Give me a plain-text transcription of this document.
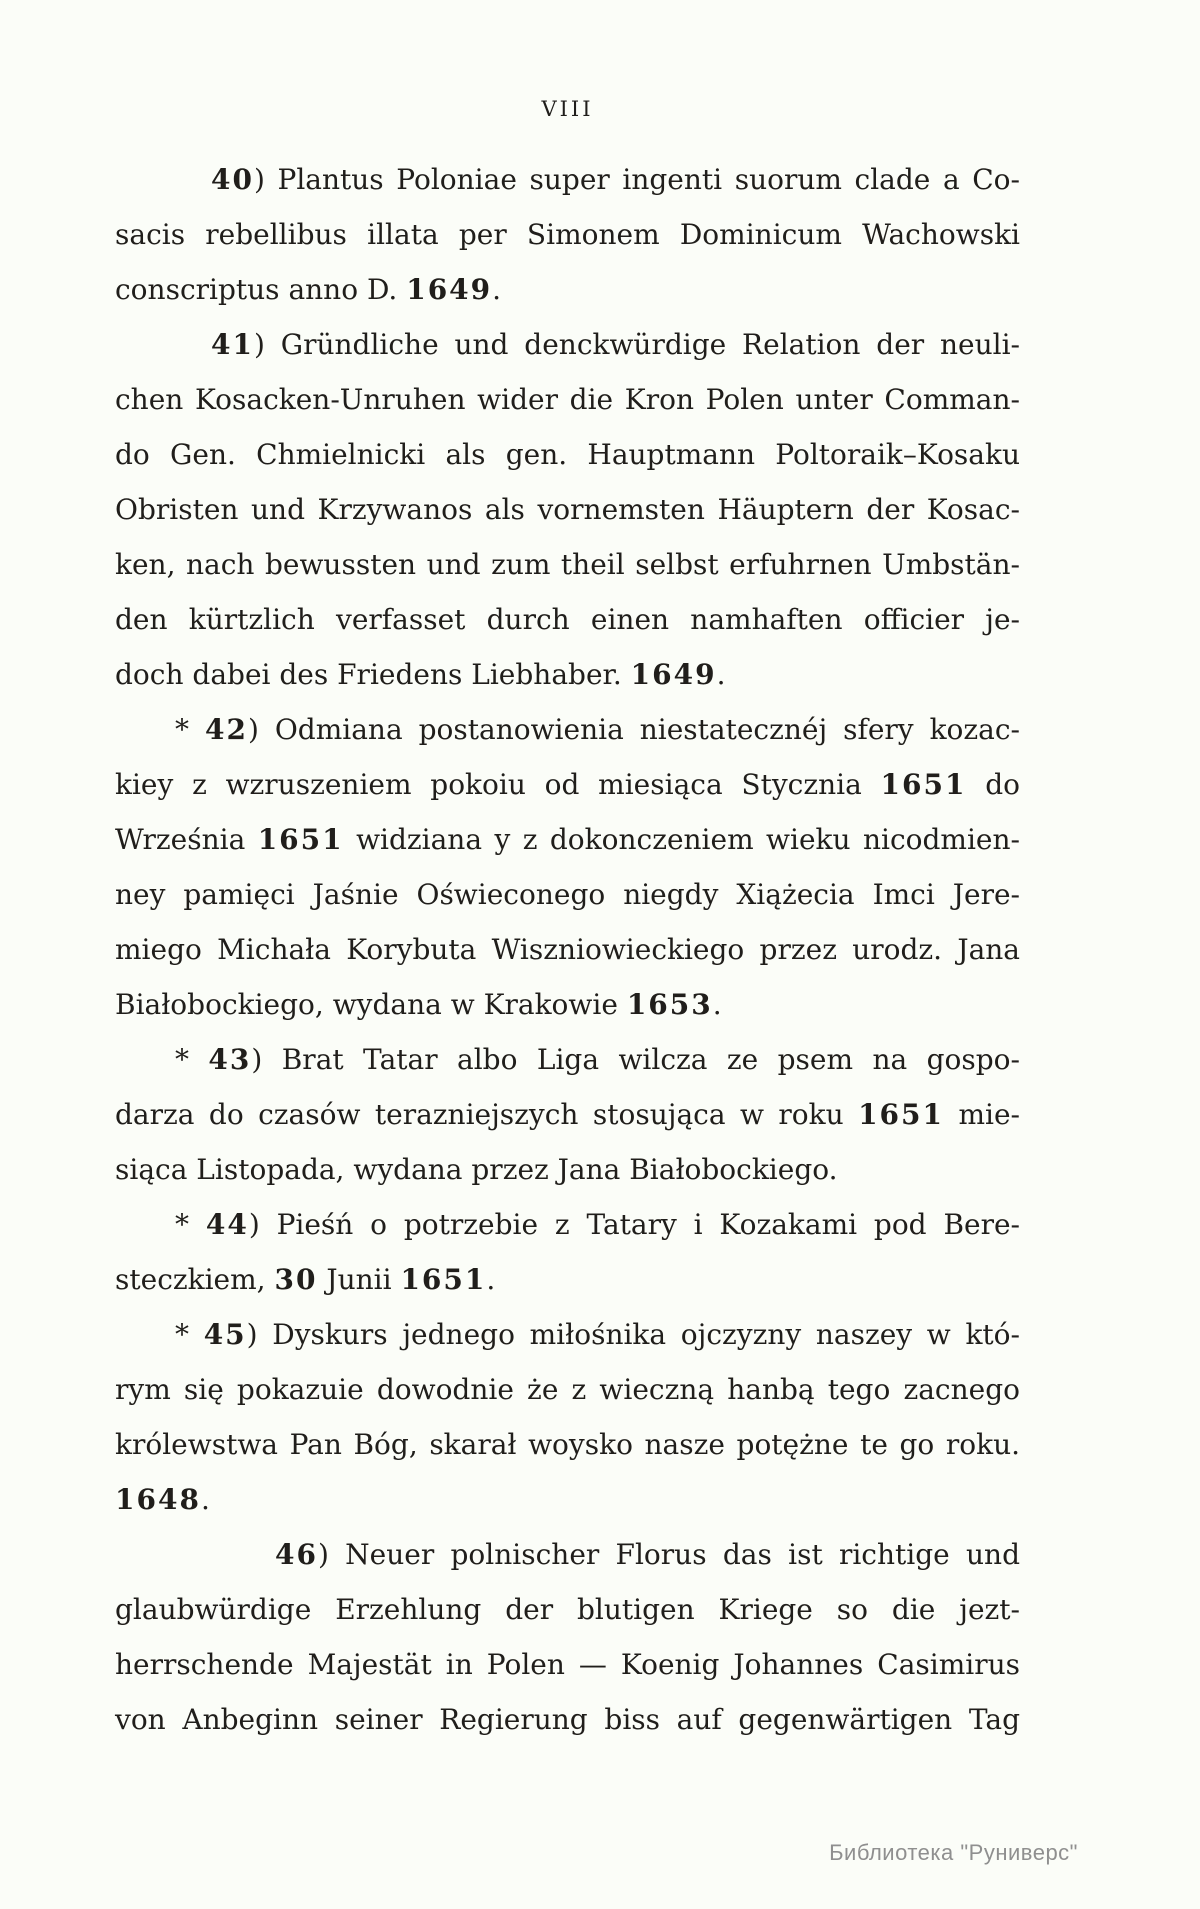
VIII
40) Plantus Poloniae super ingenti suorum clade a Co-
sacis rebellibus illata per Simonem Dominicum Wachowski
conscriptus anno D. 1649.
41) Gründliche und denckwürdige Relation der neuli-
chen Kosacken-Unruhen wider die Kron Polen unter Comman-
do Gen. Chmielnicki als gen. Hauptmann Poltoraik–Kosaku
Obristen und Krzywanos als vornemsten Häuptern der Kosac-
ken, nach bewussten und zum theil selbst erfuhrnen Umbstän-
den kürtzlich verfasset durch einen namhaften officier je-
doch dabei des Friedens Liebhaber. 1649.
* 42) Odmiana postanowienia niestatecznéj sfery kozac-
kiey z wzruszeniem pokoiu od miesiąca Stycznia 1651 do
Września 1651 widziana y z dokonczeniem wieku nicodmien-
ney pamięci Jaśnie Oświeconego niegdy Xiążecia Imci Jere-
miego Michała Korybuta Wiszniowieckiego przez urodz. Jana
Białobockiego, wydana w Krakowie 1653.
* 43) Brat Tatar albo Liga wilcza ze psem na gospo-
darza do czasów terazniejszych stosująca w roku 1651 mie-
siąca Listopada, wydana przez Jana Białobockiego.
* 44) Pieśń o potrzebie z Tatary i Kozakami pod Bere-
steczkiem, 30 Junii 1651.
* 45) Dyskurs jednego miłośnika ojczyzny naszey w któ-
rym się pokazuie dowodnie że z wieczną hanbą tego zacnego
królewstwa Pan Bóg, skarał woysko nasze potężne te go roku.
1648.
46) Neuer polnischer Florus das ist richtige und
glaubwürdige Erzehlung der blutigen Kriege so die jezt-
herrschende Majestät in Polen — Koenig Johannes Casimirus
von Anbeginn seiner Regierung biss auf gegenwärtigen Tag
Библиотека "Руниверс"
